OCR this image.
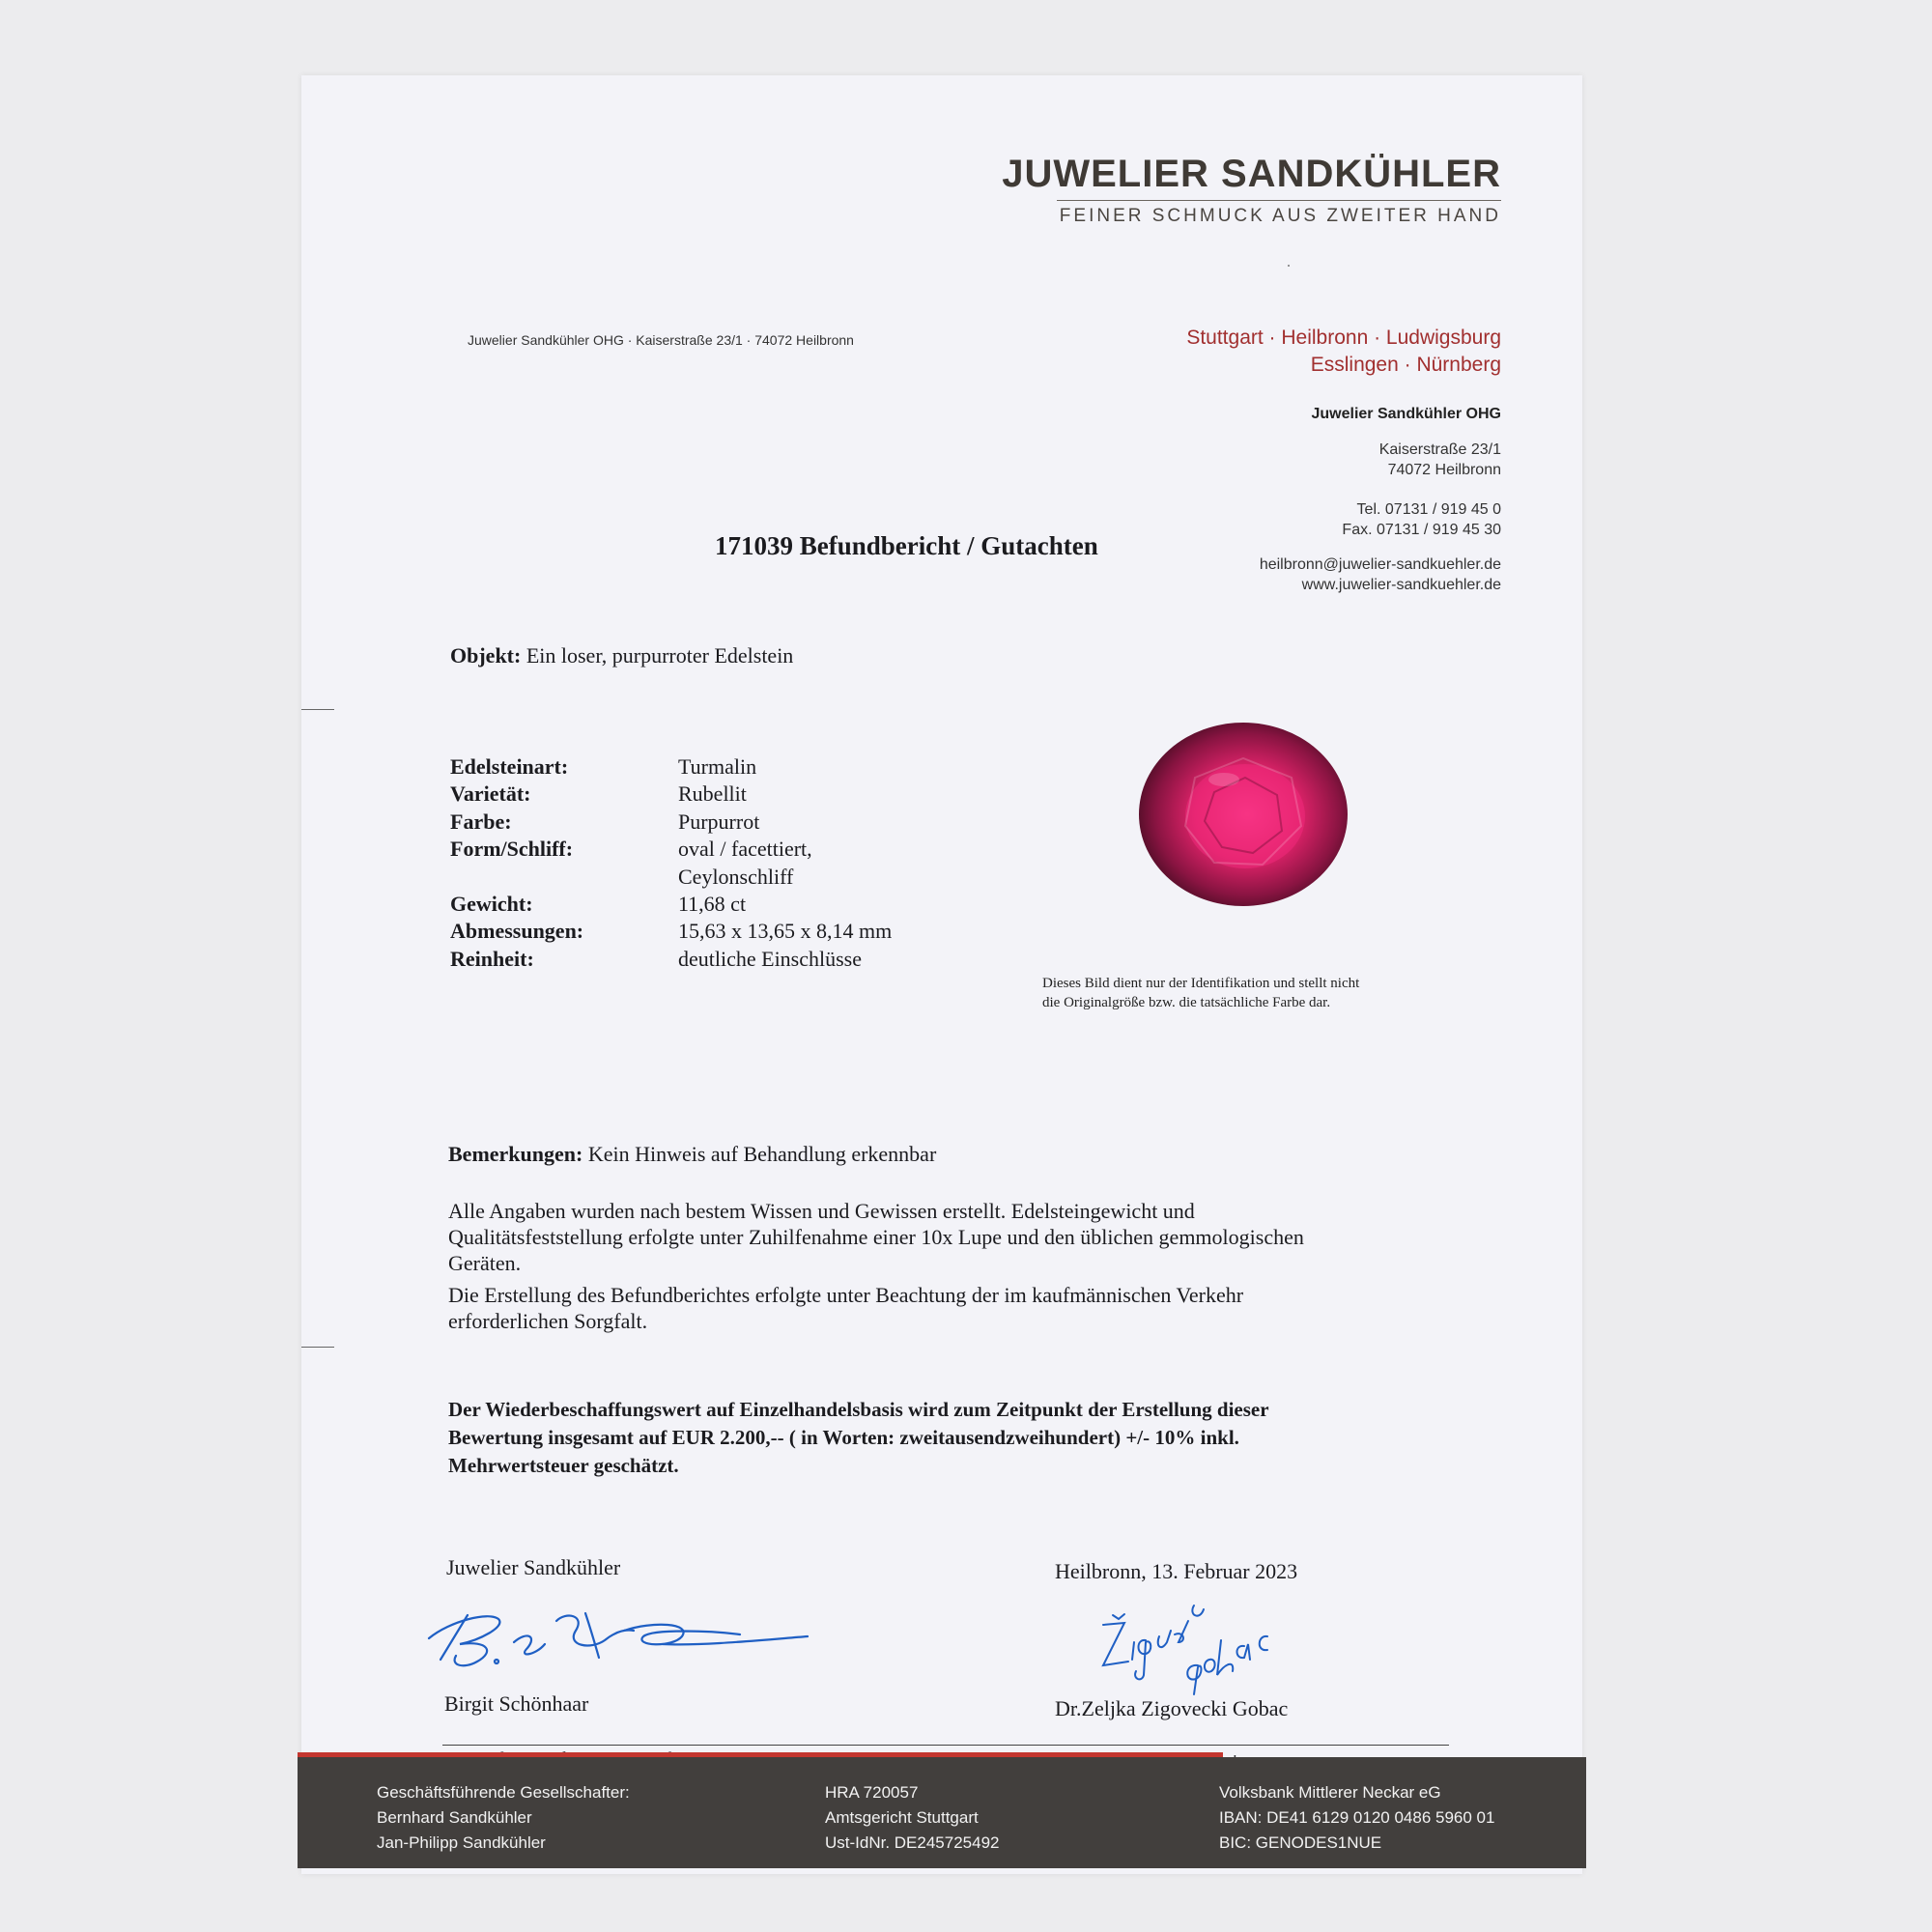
JUWELIER SANDKÜHLER
FEINER SCHMUCK AUS ZWEITER HAND
Juwelier Sandkühler OHG · Kaiserstraße 23/1 · 74072 Heilbronn	Stuttgart · Heilbronn · Ludwigsburg
Esslingen · Nürnberg
Juwelier Sandkühler OHG
Kaiserstraße 23/1
74072 Heilbronn
Tel. 07131 / 919 45 0
Fax. 07131 / 919 45 30
heilbronn@juwelier-sandkuehler.de
www.juwelier-sandkuehler.de
171039 Befundbericht / Gutachten
Objekt: Ein loser, purpurroter Edelstein
Edelsteinart:	Turmalin
Varietät:	Rubellit
Farbe:	Purpurrot
Form/Schliff:	oval / facettiert,
Ceylonschliff
Gewicht:	11,68 ct
Abmessungen:	15,63 x 13,65 x 8,14 mm
Reinheit:	deutliche Einschlüsse
Dieses Bild dient nur der Identifikation und stellt nicht
die Originalgröße bzw. die tatsächliche Farbe dar.
Bemerkungen: Kein Hinweis auf Behandlung erkennbar
Alle Angaben wurden nach bestem Wissen und Gewissen erstellt. Edelsteingewicht und
Qualitätsfeststellung erfolgte unter Zuhilfenahme einer 10x Lupe und den üblichen gemmologischen
Geräten.
Die Erstellung des Befundberichtes erfolgte unter Beachtung der im kaufmännischen Verkehr
erforderlichen Sorgfalt.
Der Wiederbeschaffungswert auf Einzelhandelsbasis wird zum Zeitpunkt der Erstellung dieser
Bewertung insgesamt auf EUR 2.200,-- ( in Worten: zweitausendzweihundert) +/- 10% inkl.
Mehrwertsteuer geschätzt.
Juwelier Sandkühler	Heilbronn, 13. Februar 2023
Birgit Schönhaar	Dr.Zeljka Zigovecki Gobac
Geschäftsführende Gesellschafter:
Bernhard Sandkühler
Jan-Philipp Sandkühler
HRA 720057
Amtsgericht Stuttgart
Ust-IdNr. DE245725492
Volksbank Mittlerer Neckar eG
IBAN: DE41 6129 0120 0486 5960 01
BIC: GENODES1NUE
